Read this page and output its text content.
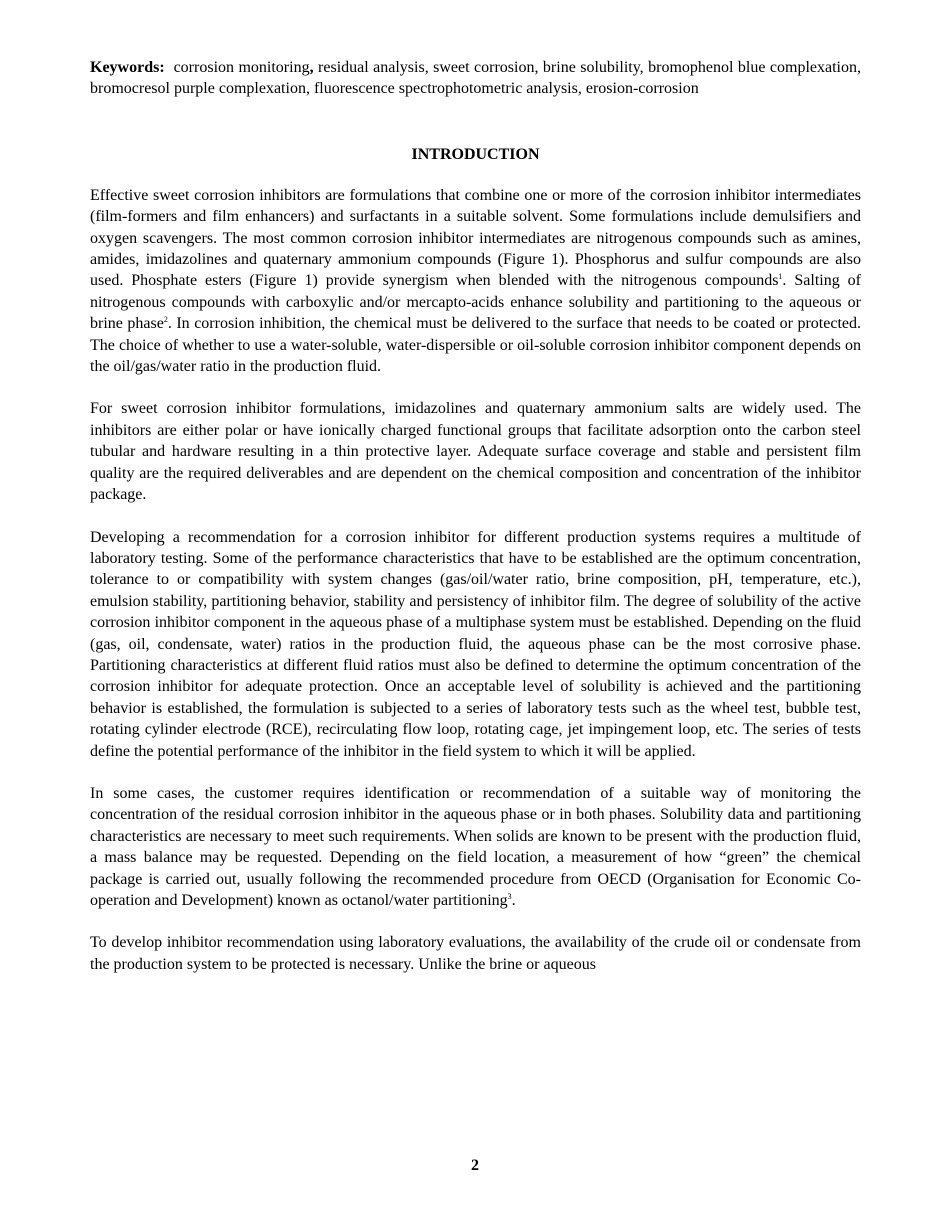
Keywords: corrosion monitoring, residual analysis, sweet corrosion, brine solubility, bromophenol blue complexation, bromocresol purple complexation, fluorescence spectrophotometric analysis, erosion-corrosion

INTRODUCTION

Effective sweet corrosion inhibitors are formulations that combine one or more of the corrosion inhibitor intermediates (film-formers and film enhancers) and surfactants in a suitable solvent. Some formulations include demulsifiers and oxygen scavengers. The most common corrosion inhibitor intermediates are nitrogenous compounds such as amines, amides, imidazolines and quaternary ammonium compounds (Figure 1). Phosphorus and sulfur compounds are also used. Phosphate esters (Figure 1) provide synergism when blended with the nitrogenous compounds$^1$. Salting of nitrogenous compounds with carboxylic and/or mercapto-acids enhance solubility and partitioning to the aqueous or brine phase$^2$. In corrosion inhibition, the chemical must be delivered to the surface that needs to be coated or protected. The choice of whether to use a water-soluble, water-dispersible or oil-soluble corrosion inhibitor component depends on the oil/gas/water ratio in the production fluid.

For sweet corrosion inhibitor formulations, imidazolines and quaternary ammonium salts are widely used. The inhibitors are either polar or have ionically charged functional groups that facilitate adsorption onto the carbon steel tubular and hardware resulting in a thin protective layer. Adequate surface coverage and stable and persistent film quality are the required deliverables and are dependent on the chemical composition and concentration of the inhibitor package.

Developing a recommendation for a corrosion inhibitor for different production systems requires a multitude of laboratory testing. Some of the performance characteristics that have to be established are the optimum concentration, tolerance to or compatibility with system changes (gas/oil/water ratio, brine composition, pH, temperature, etc.), emulsion stability, partitioning behavior, stability and persistency of inhibitor film. The degree of solubility of the active corrosion inhibitor component in the aqueous phase of a multiphase system must be established. Depending on the fluid (gas, oil, condensate, water) ratios in the production fluid, the aqueous phase can be the most corrosive phase. Partitioning characteristics at different fluid ratios must also be defined to determine the optimum concentration of the corrosion inhibitor for adequate protection. Once an acceptable level of solubility is achieved and the partitioning behavior is established, the formulation is subjected to a series of laboratory tests such as the wheel test, bubble test, rotating cylinder electrode (RCE), recirculating flow loop, rotating cage, jet impingement loop, etc. The series of tests define the potential performance of the inhibitor in the field system to which it will be applied.

In some cases, the customer requires identification or recommendation of a suitable way of monitoring the concentration of the residual corrosion inhibitor in the aqueous phase or in both phases. Solubility data and partitioning characteristics are necessary to meet such requirements. When solids are known to be present with the production fluid, a mass balance may be requested. Depending on the field location, a measurement of how “green” the chemical package is carried out, usually following the recommended procedure from OECD (Organisation for Economic Co-operation and Development) known as octanol/water partitioning$^3$.

To develop inhibitor recommendation using laboratory evaluations, the availability of the crude oil or condensate from the production system to be protected is necessary. Unlike the brine or aqueous

2
